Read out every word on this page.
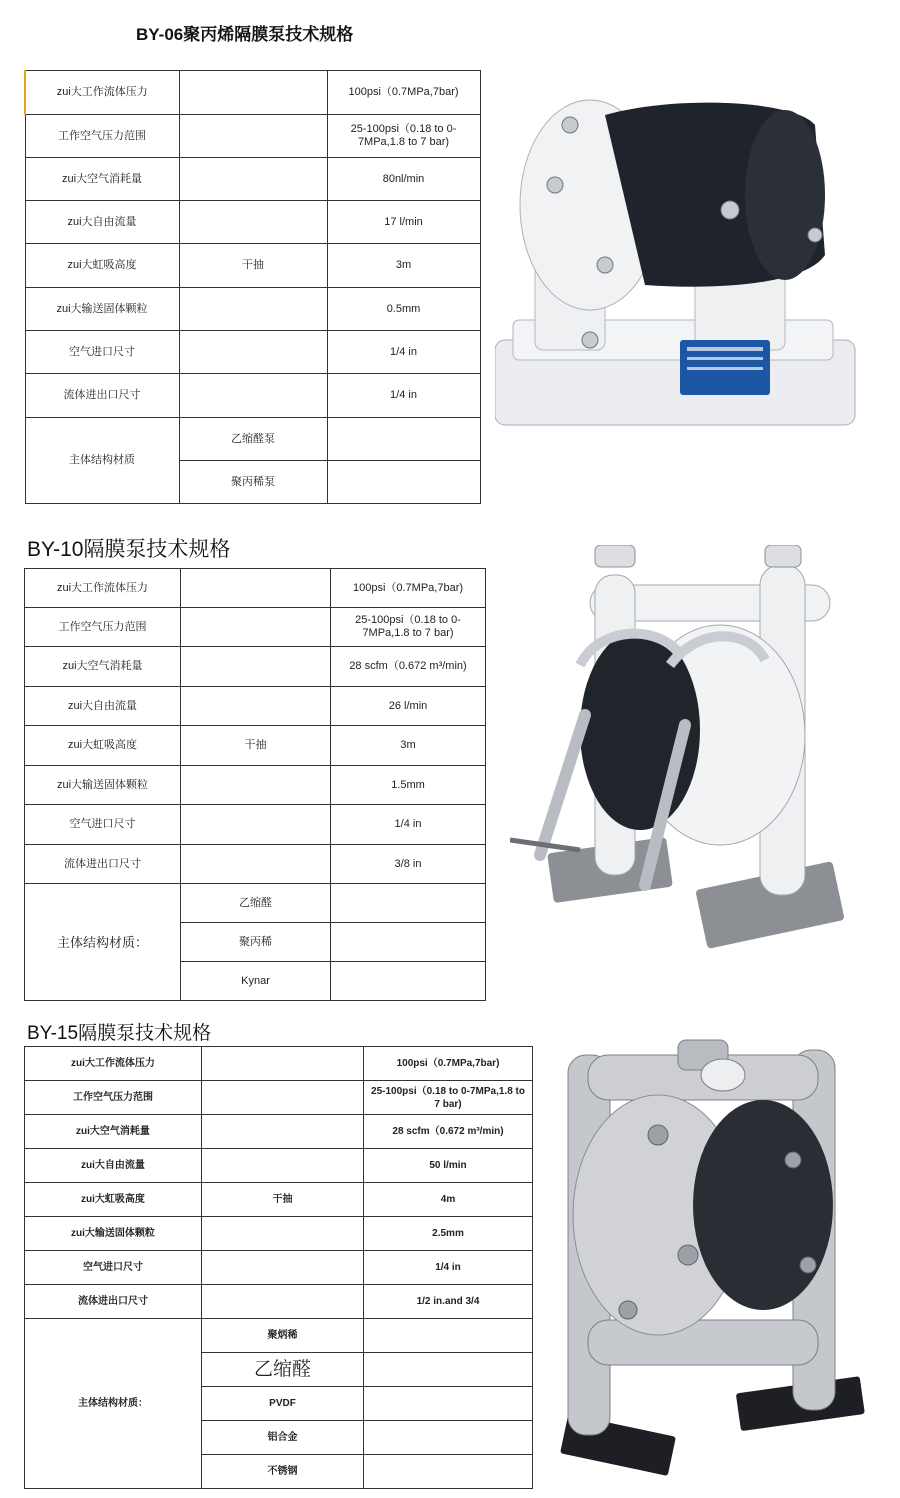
BY-06聚丙烯隔膜泵技术规格
zui大工作流体压力		100psi（0.7MPa,7bar)
工作空气压力范围		25-100psi（0.18 to 0-7MPa,1.8 to 7 bar)
zui大空气消耗量		80nl/min
zui大自由流量		17 l/min
zui大虹吸高度	干抽	3m
zui大输送固体颗粒		0.5mm
空气进口尺寸		1/4 in
流体进出口尺寸		1/4 in
主体结构材质	乙缩醛泵	
	聚丙稀泵	
BY-10隔膜泵技术规格
zui大工作流体压力		100psi（0.7MPa,7bar)
工作空气压力范围		25-100psi（0.18 to 0-7MPa,1.8 to 7 bar)
zui大空气消耗量		28 scfm（0.672 m³/min)
zui大自由流量		26 l/min
zui大虹吸高度	干抽	3m
zui大输送固体颗粒		1.5mm
空气进口尺寸		1/4 in
流体进出口尺寸		3/8 in
主体结构材质：	乙缩醛	
	聚丙稀	
	Kynar	
BY-15隔膜泵技术规格
zui大工作流体压力		100psi（0.7MPa,7bar)
工作空气压力范围		25-100psi（0.18 to 0-7MPa,1.8 to 7 bar)
zui大空气消耗量		28 scfm（0.672 m³/min)
zui大自由流量		50 l/min
zui大虹吸高度	干抽	4m
zui大输送固体颗粒		2.5mm
空气进口尺寸		1/4 in
流体进出口尺寸		1/2 in.and 3/4
主体结构材质：	聚炳稀	
	乙缩醛	
	PVDF	
	铝合金	
	不锈钢	
